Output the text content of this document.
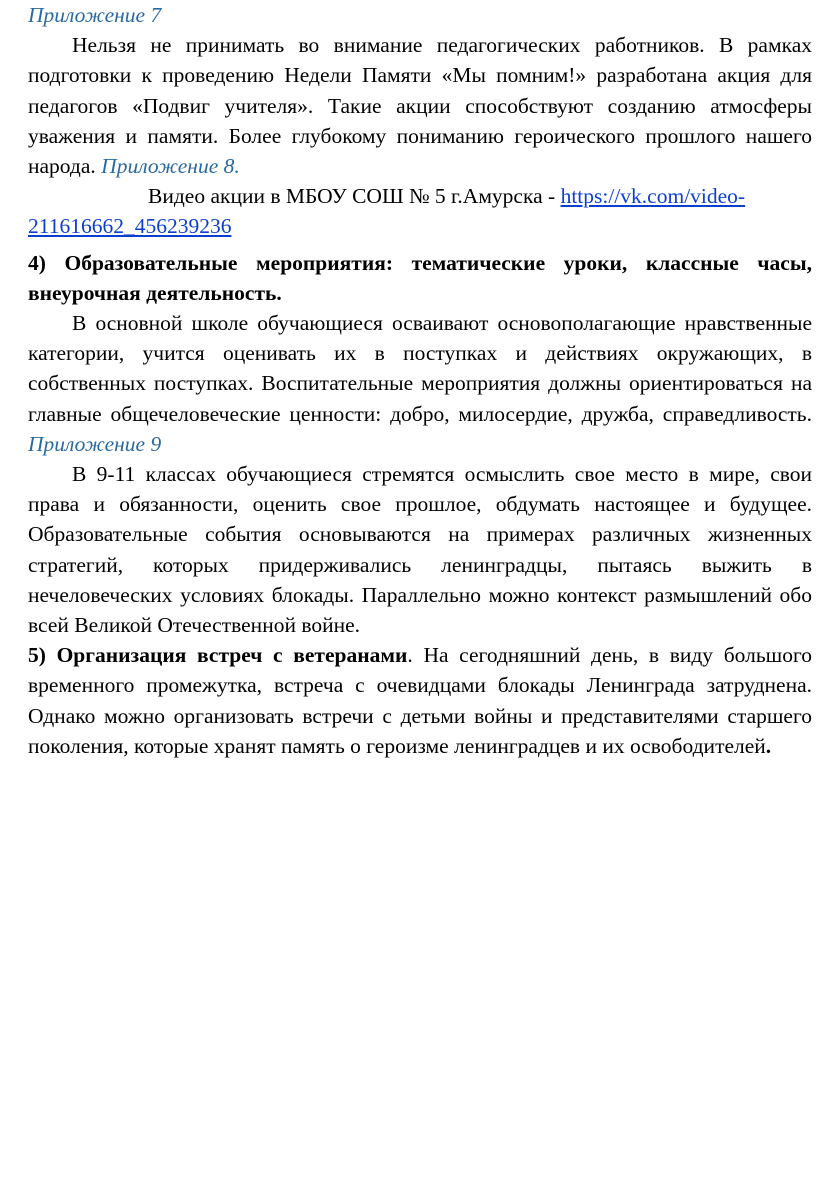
Приложение 7

Нельзя не принимать во внимание педагогических работников. В рамках подготовки к проведению Недели Памяти «Мы помним!» разработана акция для педагогов «Подвиг учителя». Такие акции способствуют созданию атмосферы уважения и памяти. Более глубокому пониманию героического прошлого нашего народа. Приложение 8.

Видео акции в МБОУ СОШ № 5 г.Амурска - https://vk.com/video-211616662_456239236

4) Образовательные мероприятия: тематические уроки, классные часы, внеурочная деятельность.

В основной школе обучающиеся осваивают основополагающие нравственные категории, учится оценивать их в поступках и действиях окружающих, в собственных поступках. Воспитательные мероприятия должны ориентироваться на главные общечеловеческие ценности: добро, милосердие, дружба, справедливость. Приложение 9

В 9-11 классах обучающиеся стремятся осмыслить свое место в мире, свои права и обязанности, оценить свое прошлое, обдумать настоящее и будущее. Образовательные события основываются на примерах различных жизненных стратегий, которых придерживались ленинградцы, пытаясь выжить в нечеловеческих условиях блокады. Параллельно можно контекст размышлений обо всей Великой Отечественной войне.

5) Организация встреч с ветеранами. На сегодняшний день, в виду большого временного промежутка, встреча с очевидцами блокады Ленинграда затруднена. Однако можно организовать встречи с детьми войны и представителями старшего поколения, которые хранят память о героизме ленинградцев и их освободителей.
